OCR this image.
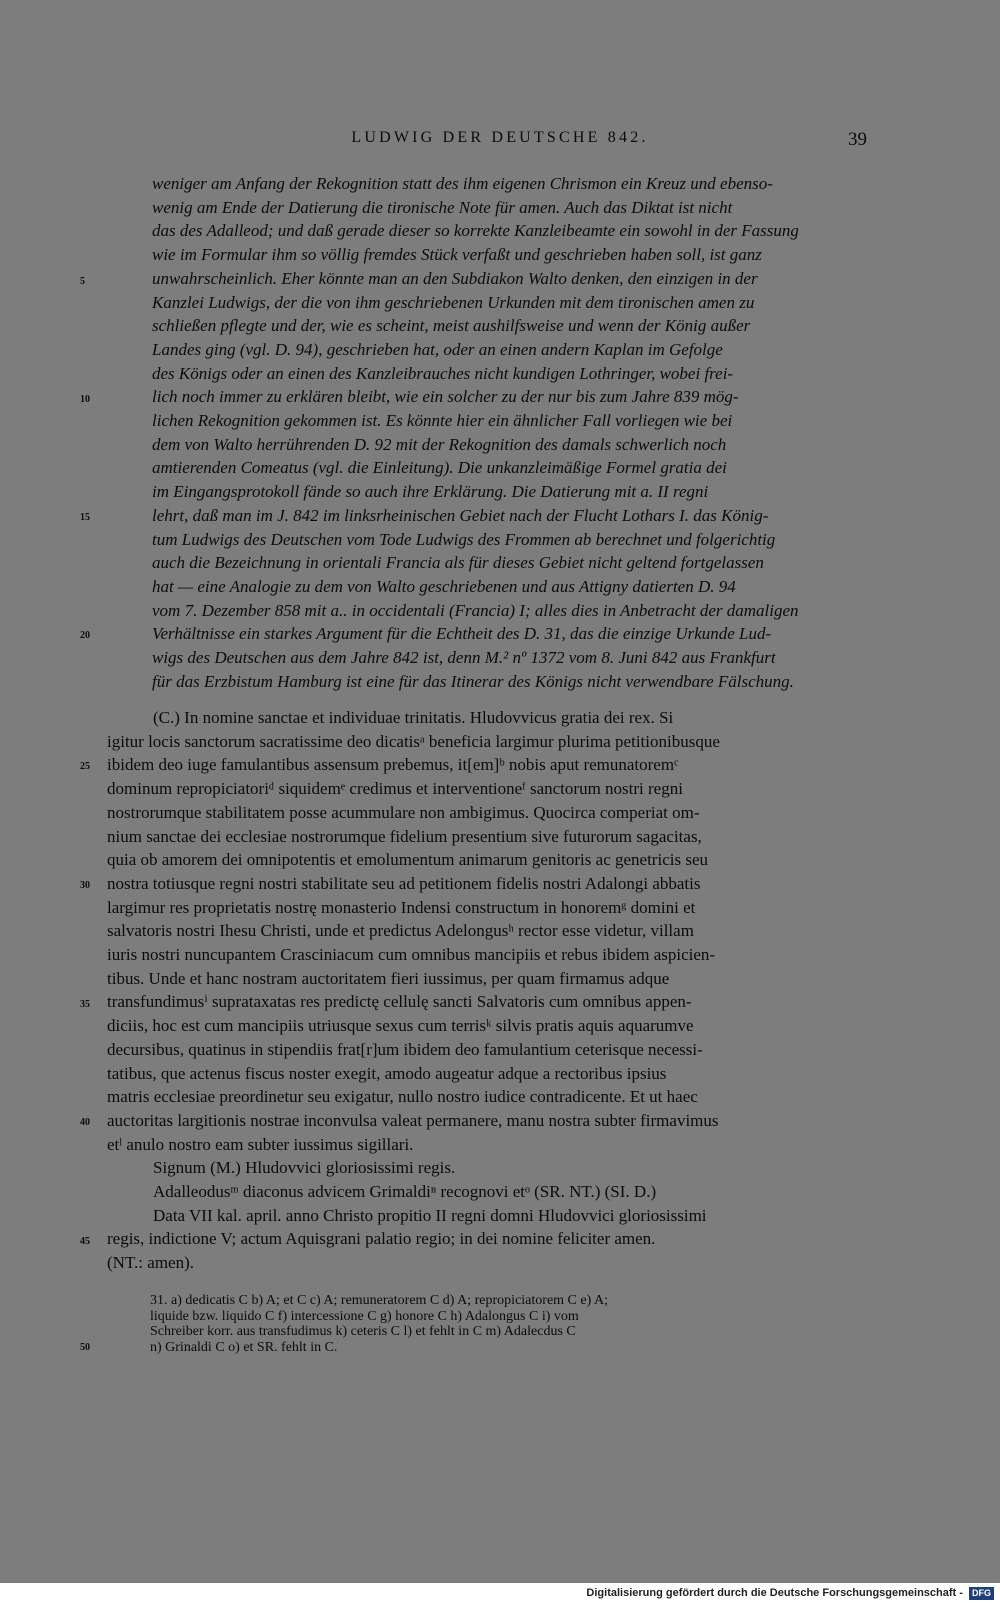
LUDWIG DER DEUTSCHE 842.	39
5
10
15
20
25
30
35
40
45
50
weniger am Anfang der Rekognition statt des ihm eigenen Chrismon ein Kreuz und ebenso-
wenig am Ende der Datierung die tironische Note für amen. Auch das Diktat ist nicht
das des Adalleod; und daß gerade dieser so korrekte Kanzleibeamte ein sowohl in der Fassung
wie im Formular ihm so völlig fremdes Stück verfaßt und geschrieben haben soll, ist ganz
unwahrscheinlich. Eher könnte man an den Subdiakon Walto denken, den einzigen in der
Kanzlei Ludwigs, der die von ihm geschriebenen Urkunden mit dem tironischen amen zu
schließen pflegte und der, wie es scheint, meist aushilfsweise und wenn der König außer
Landes ging (vgl. D. 94), geschrieben hat, oder an einen andern Kaplan im Gefolge
des Königs oder an einen des Kanzleibrauches nicht kundigen Lothringer, wobei frei-
lich noch immer zu erklären bleibt, wie ein solcher zu der nur bis zum Jahre 839 mög-
lichen Rekognition gekommen ist. Es könnte hier ein ähnlicher Fall vorliegen wie bei
dem von Walto herrührenden D. 92 mit der Rekognition des damals schwerlich noch
amtierenden Comeatus (vgl. die Einleitung). Die unkanzleimäßige Formel gratia dei
im Eingangsprotokoll fände so auch ihre Erklärung. Die Datierung mit a. II regni
lehrt, daß man im J. 842 im linksrheinischen Gebiet nach der Flucht Lothars I. das König-
tum Ludwigs des Deutschen vom Tode Ludwigs des Frommen ab berechnet und folgerichtig
auch die Bezeichnung in orientali Francia als für dieses Gebiet nicht geltend fortgelassen
hat — eine Analogie zu dem von Walto geschriebenen und aus Attigny datierten D. 94
vom 7. Dezember 858 mit a.. in occidentali (Francia) I; alles dies in Anbetracht der damaligen
Verhältnisse ein starkes Argument für die Echtheit des D. 31, das die einzige Urkunde Lud-
wigs des Deutschen aus dem Jahre 842 ist, denn M.² nº 1372 vom 8. Juni 842 aus Frankfurt
für das Erzbistum Hamburg ist eine für das Itinerar des Königs nicht verwendbare Fälschung.
(C.) In nomine sanctae et individuae trinitatis. Hludovvicus gratia dei rex. Si
igitur locis sanctorum sacratissime deo dicatisᵃ beneficia largimur plurima petitionibusque
ibidem deo iuge famulantibus assensum prebemus, it[em]ᵇ nobis aput remunatoremᶜ
dominum repropiciatoriᵈ siquidemᵉ credimus et interventioneᶠ sanctorum nostri regni
nostrorumque stabilitatem posse acummulare non ambigimus. Quocirca comperiat om-
nium sanctae dei ecclesiae nostrorumque fidelium presentium sive futurorum sagacitas,
quia ob amorem dei omnipotentis et emolumentum animarum genitoris ac genetricis seu
nostra totiusque regni nostri stabilitate seu ad petitionem fidelis nostri Adalongi abbatis
largimur res proprietatis nostrę monasterio Indensi constructum in honoremᵍ domini et
salvatoris nostri Ihesu Christi, unde et predictus Adelongusʰ rector esse videtur, villam
iuris nostri nuncupantem Crasciniacum cum omnibus mancipiis et rebus ibidem aspicien-
tibus. Unde et hanc nostram auctoritatem fieri iussimus, per quam firmamus adque
transfundimusⁱ suprataxatas res predictę cellulę sancti Salvatoris cum omnibus appen-
diciis, hoc est cum mancipiis utriusque sexus cum terrisᵏ silvis pratis aquis aquarumve
decursibus, quatinus in stipendiis frat[r]um ibidem deo famulantium ceterisque necessi-
tatibus, que actenus fiscus noster exegit, amodo augeatur adque a rectoribus ipsius
matris ecclesiae preordinetur seu exigatur, nullo nostro iudice contradicente. Et ut haec
auctoritas largitionis nostrae inconvulsa valeat permanere, manu nostra subter firmavimus
etˡ anulo nostro eam subter iussimus sigillari.
Signum (M.) Hludovvici gloriosissimi regis.
Adalleodusᵐ diaconus advicem Grimaldiⁿ recognovi etᵒ (SR. NT.) (SI. D.)
Data VII kal. april. anno Christo propitio II regni domni Hludovvici gloriosissimi
regis, indictione V; actum Aquisgrani palatio regio; in dei nomine feliciter amen.
(NT.: amen).
31. a) dedicatis C b) A; et C c) A; remuneratorem C d) A; repropiciatorem C e) A;
liquide bzw. liquido C f) intercessione C g) honore C h) Adalongus C i) vom
Schreiber korr. aus transfudimus k) ceteris C l) et fehlt in C m) Adalecdus C
n) Grinaldi C o) et SR. fehlt in C.
Digitalisierung gefördert durch die Deutsche Forschungsgemeinschaft - DFG
